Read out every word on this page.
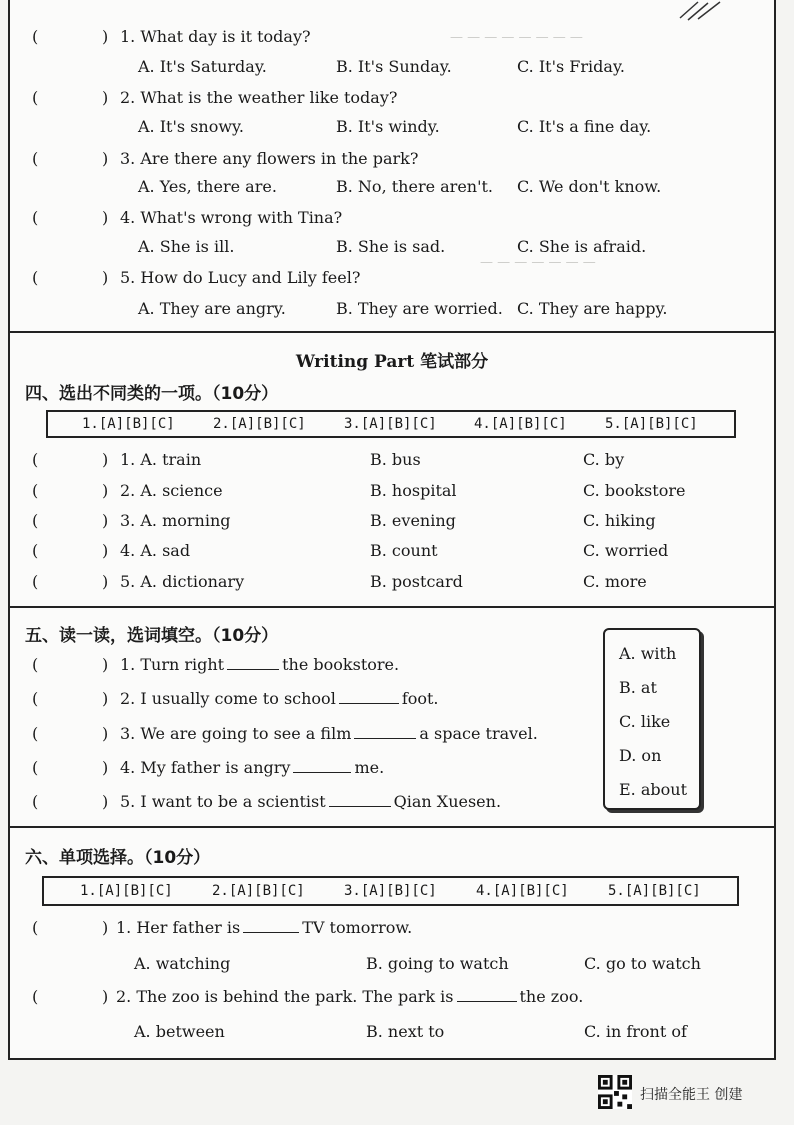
— — — — — — — —
— — — — — — —
(	) 1. What day is it today?
A. It's Saturday.	B. It's Sunday.	C. It's Friday.
(	) 2. What is the weather like today?
A. It's snowy.	B. It's windy.	C. It's a fine day.
(	) 3. Are there any flowers in the park?
A. Yes, there are.	B. No, there aren't. C. We don't know.
(	) 4. What's wrong with Tina?
A. She is ill.	B. She is sad.	C. She is afraid.
(	) 5. How do Lucy and Lily feel?
A. They are angry.	B. They are worried. C. They are happy.
Writing Part 笔试部分
四、选出不同类的一项。（10分）
1.[A][B][C]	2.[A][B][C]	3.[A][B][C]	4.[A][B][C]	5.[A][B][C]
(	) 1. A. train	B. bus	C. by
(	) 2. A. science	B. hospital	C. bookstore
(	) 3. A. morning	B. evening	C. hiking
(	) 4. A. sad	B. count	C. worried
(	) 5. A. dictionary	B. postcard	C. more
五、读一读，选词填空。（10分）
(	) 1. Turn right	the bookstore.
(	) 2. I usually come to school	foot.
(	) 3. We are going to see a film	a space travel.
(	) 4. My father is angry	me.
(	) 5. I want to be a scientist	Qian Xuesen.
A. with
B. at
C. like
D. on
E. about
六、单项选择。（10分）
1.[A][B][C]	2.[A][B][C]	3.[A][B][C]	4.[A][B][C]	5.[A][B][C]
(	) 1. Her father is	TV tomorrow.
A. watching	B. going to watch	C. go to watch
(	) 2. The zoo is behind the park. The park is	the zoo.
A. between	B. next to	C. in front of
扫描全能王 创建
